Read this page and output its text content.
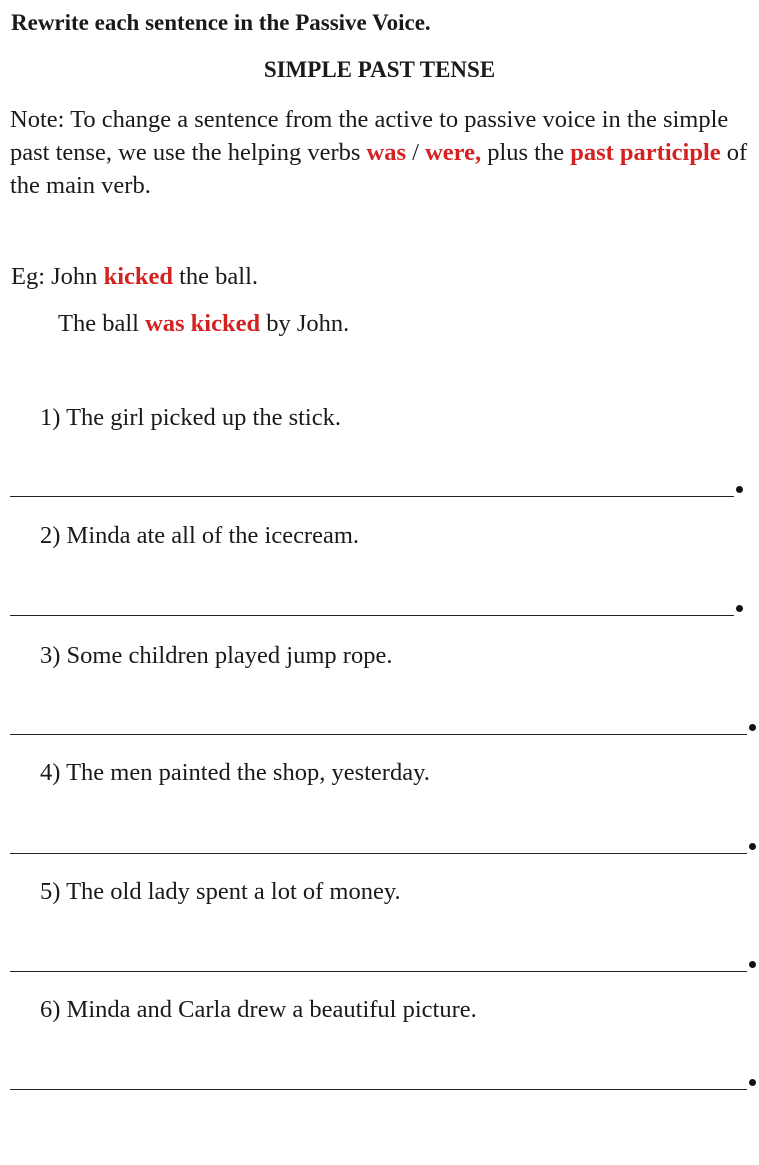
Rewrite each sentence in the Passive Voice.
SIMPLE PAST TENSE
Note: To change a sentence from the active to passive voice in the simple past tense, we use the helping verbs was / were, plus the past participle of the main verb.
Eg: John kicked the ball.
The ball was kicked by John.
1) The girl picked up the stick.
2) Minda ate all of the icecream.
3) Some children played jump rope.
4) The men painted the shop, yesterday.
5) The old lady spent a lot of money.
6) Minda and Carla drew a beautiful picture.
